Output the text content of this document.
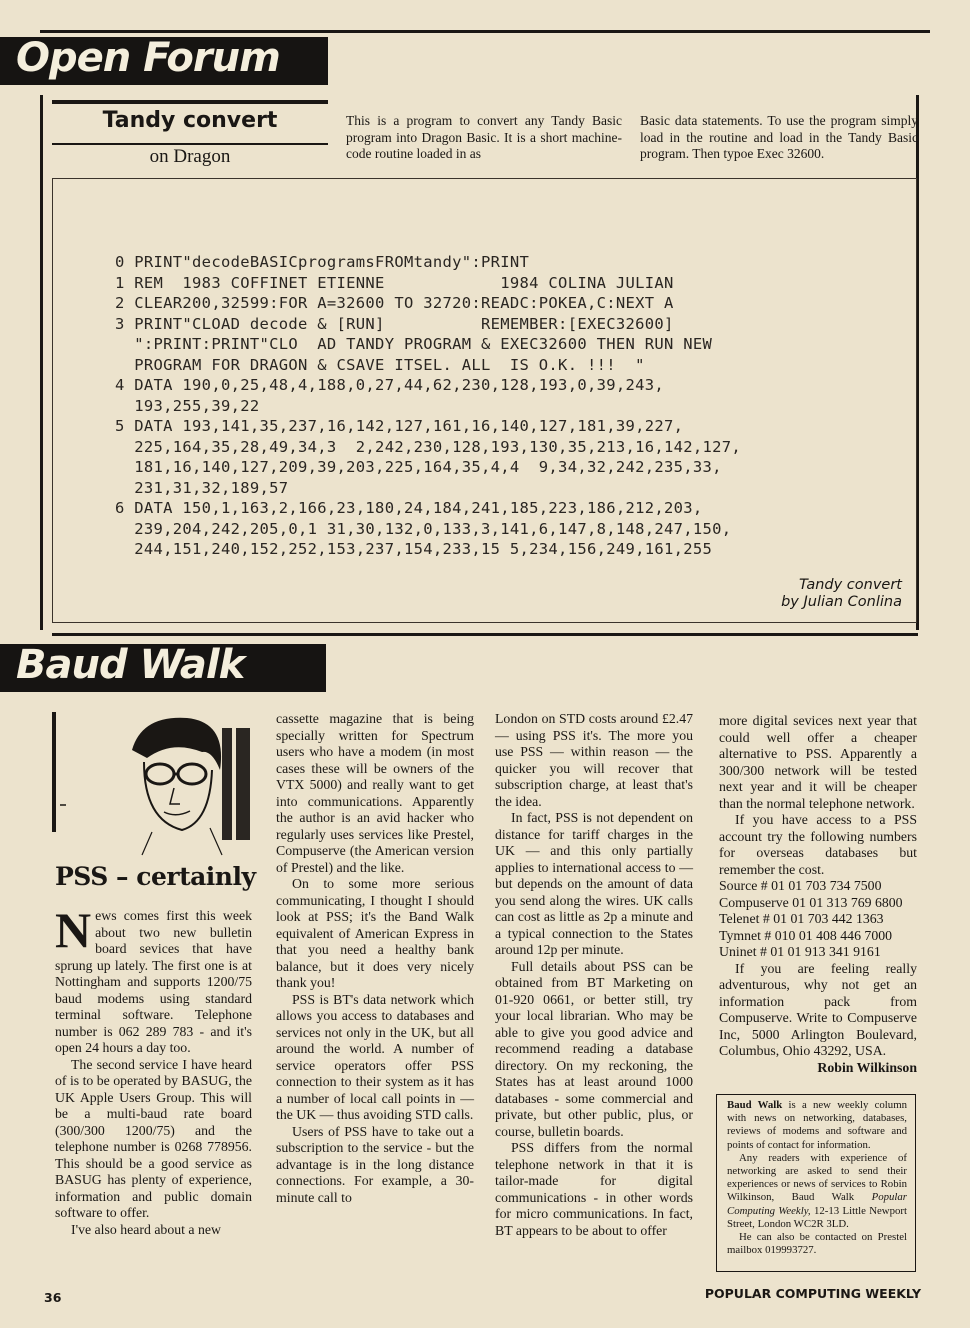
Open Forum
Tandy convert
on Dragon

This is a program to convert any Tandy Basic program into Dragon Basic. It is a short machine-code routine loaded in as

Basic data statements. To use the program simply load in the routine and load in the Tandy Basic program. Then typoe Exec 32600.

0 PRINT"decodeBASICprogramsFROMtandy":PRINT
1 REM  1983 COFFINET ETIENNE            1984 COLINA JULIAN
2 CLEAR200,32599:FOR A=32600 TO 32720:READC:POKEA,C:NEXT A
3 PRINT"CLOAD decode & [RUN]          REMEMBER:[EXEC32600]
":PRINT:PRINT"CLO  AD TANDY PROGRAM & EXEC32600 THEN RUN NEW
PROGRAM FOR DRAGON & CSAVE ITSEL. ALL  IS O.K. !!!  "
4 DATA 190,0,25,48,4,188,0,27,44,62,230,128,193,0,39,243,
193,255,39,22
5 DATA 193,141,35,237,16,142,127,161,16,140,127,181,39,227,
225,164,35,28,49,34,3  2,242,230,128,193,130,35,213,16,142,127,
181,16,140,127,209,39,203,225,164,35,4,4  9,34,32,242,235,33,
231,31,32,189,57
6 DATA 150,1,163,2,166,23,180,24,184,241,185,223,186,212,203,
239,204,242,205,0,1 31,30,132,0,133,3,141,6,147,8,148,247,150,
244,151,240,152,252,153,237,154,233,15 5,234,156,249,161,255
Tandy convert
by Julian Conlina
Baud Walk
PSS – certainly

News comes first this week about two new bulletin board sevices that have sprung up lately. The first one is at Nottingham and supports 1200/75 baud modems using standard terminal software. Telephone number is 062 289 783 - and it's open 24 hours a day too.

The second service I have heard of is to be operated by BASUG, the UK Apple Users Group. This will be a multi-baud rate board (300/300 1200/75) and the telephone number is 0268 778956. This should be a good service as BASUG has plenty of experience, information and public domain software to offer.

I've also heard about a new

cassette magazine that is being specially written for Spectrum users who have a modem (in most cases these will be owners of the VTX 5000) and really want to get into communications. Apparently the author is an avid hacker who regularly uses services like Prestel, Compuserve (the American version of Prestel) and the like.

On to some more serious communicating, I thought I should look at PSS; it's the Band Walk equivalent of American Express in that you need a healthy bank balance, but it does very nicely thank you!

PSS is BT's data network which allows you access to databases and services not only in the UK, but all around the world. A number of service operators offer PSS connection to their system as it has a number of local call points in — the UK — thus avoiding STD calls.

Users of PSS have to take out a subscription to the service - but the advantage is in the long distance connections. For example, a 30-minute call to

London on STD costs around £2.47 — using PSS it's. The more you use PSS — within reason — the quicker you will recover that subscription charge, at least that's the idea.

In fact, PSS is not dependent on distance for tariff charges in the UK — and this only partially applies to international access to — but depends on the amount of data you send along the wires. UK calls can cost as little as 2p a minute and a typical connection to the States around 12p per minute.

Full details about PSS can be obtained from BT Marketing on 01-920 0661, or better still, try your local librarian. Who may be able to give you good advice and recommend reading a database directory. On my reckoning, the States has at least around 1000 databases - some commercial and private, but other public, plus, or course, bulletin boards.

PSS differs from the normal telephone network in that it is tailor-made for digital communications - in other words for micro communications. In fact, BT appears to be about to offer

more digital sevices next year that could well offer a cheaper alternative to PSS. Apparently a 300/300 network will be tested next year and it will be cheaper than the normal telephone network.

If you have access to a PSS account try the following numbers for overseas databases but remember the cost.

Source # 01 01 703 734 7500
Compuserve 01 01 313 769 6800
Telenet # 01 01 703 442 1363
Tymnet # 010 01 408 446 7000
Uninet # 01 01 913 341 9161

If you are feeling really adventurous, why not get an information pack from Compuserve. Write to Compuserve Inc, 5000 Arlington Boulevard, Columbus, Ohio 43292, USA.

Robin Wilkinson
Baud Walk is a new weekly column with news on networking, databases, reviews of modems and software and points of contact for information.
Any readers with experience of networking are asked to send their experiences or news of services to Robin Wilkinson, Baud Walk Popular Computing Weekly, 12-13 Little Newport Street, London WC2R 3LD.
He can also be contacted on Prestel mailbox 019993727.
36	POPULAR COMPUTING WEEKLY
